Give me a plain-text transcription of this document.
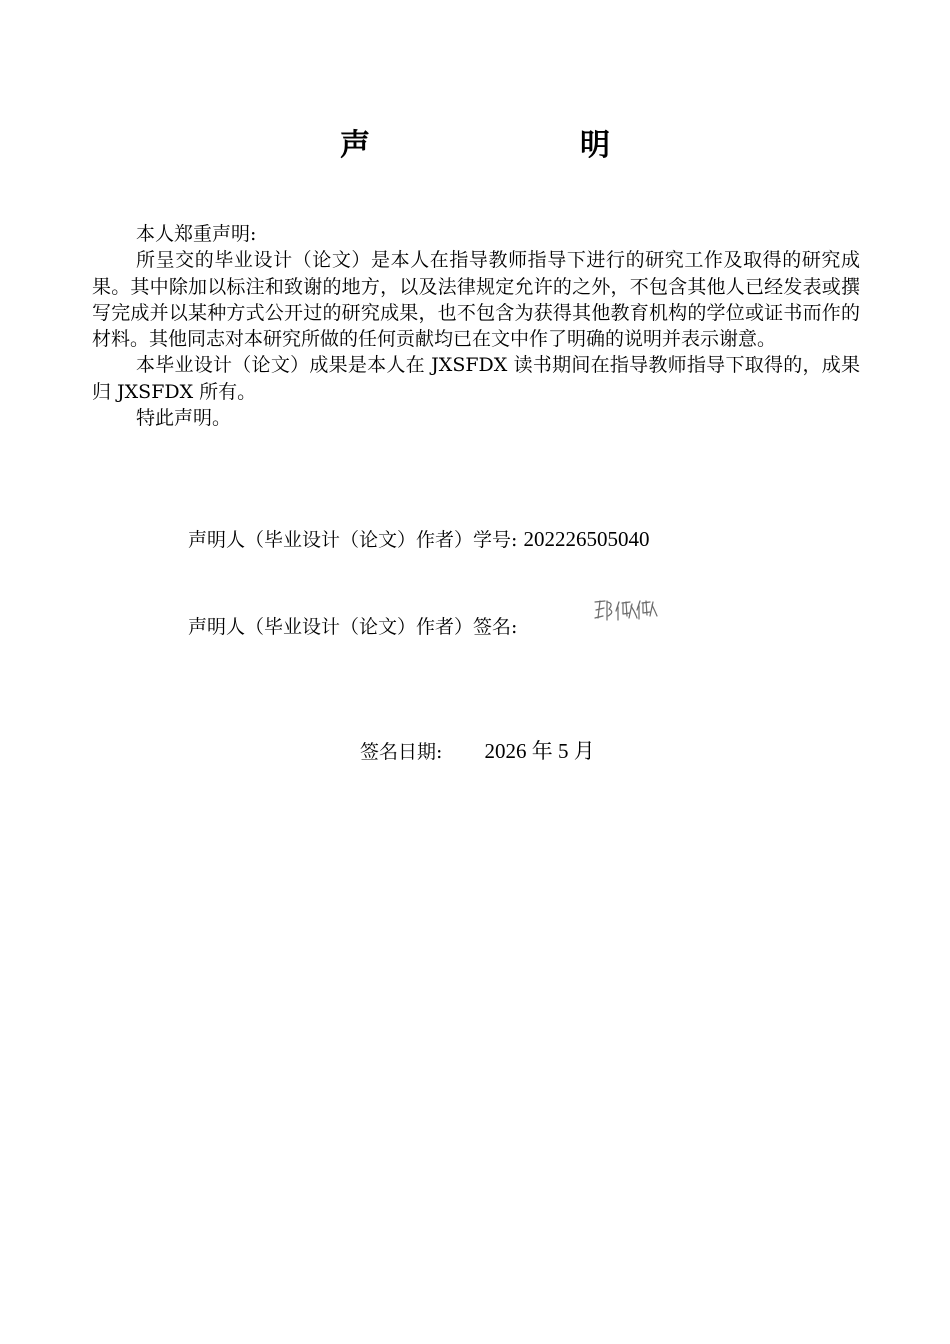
声　明

本人郑重声明:

所呈交的毕业设计（论文）是本人在指导教师指导下进行的研究工作及取得的研究成果。其中除加以标注和致谢的地方，以及法律规定允许的之外，不包含其他人已经发表或撰写完成并以某种方式公开过的研究成果，也不包含为获得其他教育机构的学位或证书而作的材料。其他同志对本研究所做的任何贡献均已在文中作了明确的说明并表示谢意。

本毕业设计（论文）成果是本人在 JXSFDX 读书期间在指导教师指导下取得的，成果归 JXSFDX 所有。

特此声明。

声明人（毕业设计（论文）作者）学号: 202226505040
声明人（毕业设计（论文）作者）签名:
签名日期: 2026 年 5 月
